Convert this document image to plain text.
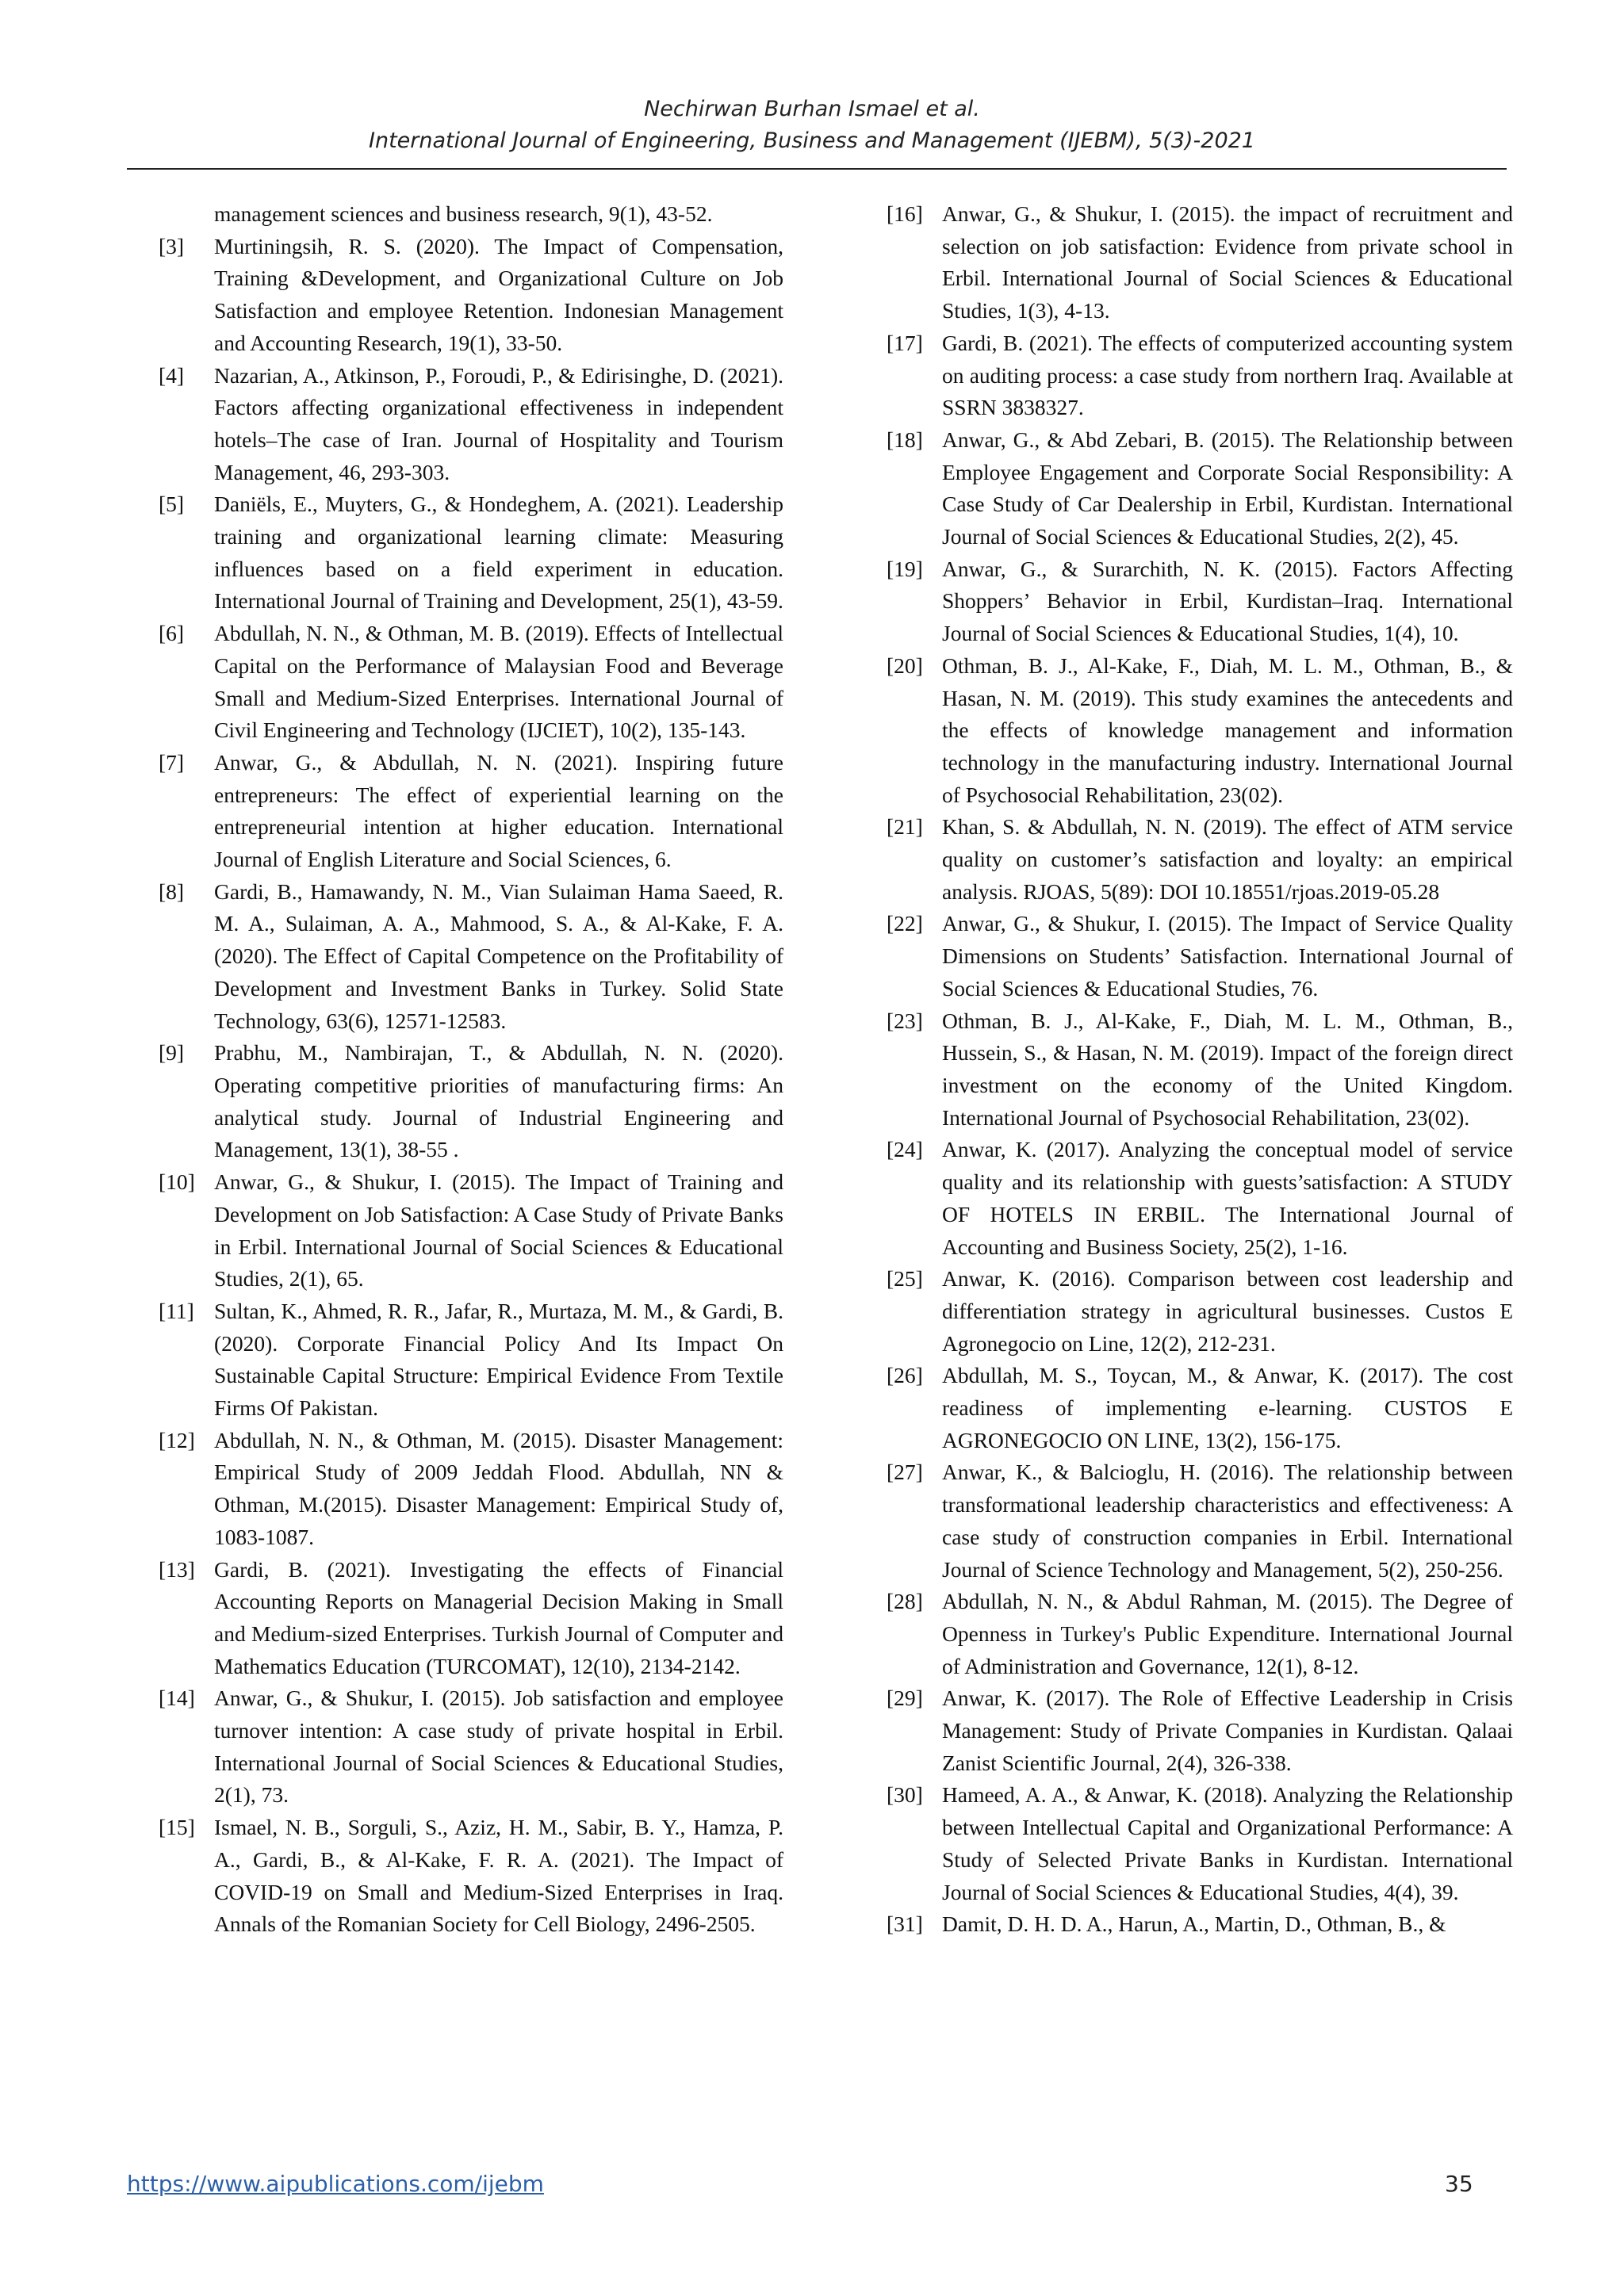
Nechirwan Burhan Ismael et al.
International Journal of Engineering, Business and Management (IJEBM), 5(3)-2021
management sciences and business research, 9(1), 43-52.
[3]	Murtiningsih, R. S. (2020). The Impact of Compensation, Training &Development, and Organizational Culture on Job Satisfaction and employee Retention. Indonesian Management and Accounting Research, 19(1), 33-50.
[4]	Nazarian, A., Atkinson, P., Foroudi, P., & Edirisinghe, D. (2021). Factors affecting organizational effectiveness in independent hotels–The case of Iran. Journal of Hospitality and Tourism Management, 46, 293-303.
[5]	Daniëls, E., Muyters, G., & Hondeghem, A. (2021). Leadership training and organizational learning climate: Measuring influences based on a field experiment in education. International Journal of Training and Development, 25(1), 43-59.
[6]	Abdullah, N. N., & Othman, M. B. (2019). Effects of Intellectual Capital on the Performance of Malaysian Food and Beverage Small and Medium-Sized Enterprises. International Journal of Civil Engineering and Technology (IJCIET), 10(2), 135-143.
[7]	Anwar, G., & Abdullah, N. N. (2021). Inspiring future entrepreneurs: The effect of experiential learning on the entrepreneurial intention at higher education. International Journal of English Literature and Social Sciences, 6.
[8]	Gardi, B., Hamawandy, N. M., Vian Sulaiman Hama Saeed, R. M. A., Sulaiman, A. A., Mahmood, S. A., & Al-Kake, F. A. (2020). The Effect of Capital Competence on the Profitability of Development and Investment Banks in Turkey. Solid State Technology, 63(6), 12571-12583.
[9]	Prabhu, M., Nambirajan, T., & Abdullah, N. N. (2020). Operating competitive priorities of manufacturing firms: An analytical study. Journal of Industrial Engineering and Management, 13(1), 38-55 .
[10] Anwar, G., & Shukur, I. (2015). The Impact of Training and Development on Job Satisfaction: A Case Study of Private Banks in Erbil. International Journal of Social Sciences & Educational Studies, 2(1), 65.
[11] Sultan, K., Ahmed, R. R., Jafar, R., Murtaza, M. M., & Gardi, B. (2020). Corporate Financial Policy And Its Impact On Sustainable Capital Structure: Empirical Evidence From Textile Firms Of Pakistan.
[12] Abdullah, N. N., & Othman, M. (2015). Disaster Management: Empirical Study of 2009 Jeddah Flood. Abdullah, NN & Othman, M.(2015). Disaster Management: Empirical Study of, 1083-1087.
[13] Gardi, B. (2021). Investigating the effects of Financial Accounting Reports on Managerial Decision Making in Small and Medium-sized Enterprises. Turkish Journal of Computer and Mathematics Education (TURCOMAT), 12(10), 2134-2142.
[14] Anwar, G., & Shukur, I. (2015). Job satisfaction and employee turnover intention: A case study of private hospital in Erbil. International Journal of Social Sciences & Educational Studies, 2(1), 73.
[15] Ismael, N. B., Sorguli, S., Aziz, H. M., Sabir, B. Y., Hamza, P. A., Gardi, B., & Al-Kake, F. R. A. (2021). The Impact of COVID-19 on Small and Medium-Sized Enterprises in Iraq. Annals of the Romanian Society for Cell Biology, 2496-2505.
[16] Anwar, G., & Shukur, I. (2015). the impact of recruitment and selection on job satisfaction: Evidence from private school in Erbil. International Journal of Social Sciences & Educational Studies, 1(3), 4-13.
[17] Gardi, B. (2021). The effects of computerized accounting system on auditing process: a case study from northern Iraq. Available at SSRN 3838327.
[18] Anwar, G., & Abd Zebari, B. (2015). The Relationship between Employee Engagement and Corporate Social Responsibility: A Case Study of Car Dealership in Erbil, Kurdistan. International Journal of Social Sciences & Educational Studies, 2(2), 45.
[19] Anwar, G., & Surarchith, N. K. (2015). Factors Affecting Shoppers’ Behavior in Erbil, Kurdistan–Iraq. International Journal of Social Sciences & Educational Studies, 1(4), 10.
[20] Othman, B. J., Al-Kake, F., Diah, M. L. M., Othman, B., & Hasan, N. M. (2019). This study examines the antecedents and the effects of knowledge management and information technology in the manufacturing industry. International Journal of Psychosocial Rehabilitation, 23(02).
[21] Khan, S. & Abdullah, N. N. (2019). The effect of ATM service quality on customer’s satisfaction and loyalty: an empirical analysis. RJOAS, 5(89): DOI 10.18551/rjoas.2019-05.28
[22] Anwar, G., & Shukur, I. (2015). The Impact of Service Quality Dimensions on Students’ Satisfaction. International Journal of Social Sciences & Educational Studies, 76.
[23] Othman, B. J., Al-Kake, F., Diah, M. L. M., Othman, B., Hussein, S., & Hasan, N. M. (2019). Impact of the foreign direct investment on the economy of the United Kingdom. International Journal of Psychosocial Rehabilitation, 23(02).
[24] Anwar, K. (2017). Analyzing the conceptual model of service quality and its relationship with guests’satisfaction: A STUDY OF HOTELS IN ERBIL. The International Journal of Accounting and Business Society, 25(2), 1-16.
[25] Anwar, K. (2016). Comparison between cost leadership and differentiation strategy in agricultural businesses. Custos E Agronegocio on Line, 12(2), 212-231.
[26] Abdullah, M. S., Toycan, M., & Anwar, K. (2017). The cost readiness of implementing e-learning. CUSTOS E AGRONEGOCIO ON LINE, 13(2), 156-175.
[27] Anwar, K., & Balcioglu, H. (2016). The relationship between transformational leadership characteristics and effectiveness: A case study of construction companies in Erbil. International Journal of Science Technology and Management, 5(2), 250-256.
[28] Abdullah, N. N., & Abdul Rahman, M. (2015). The Degree of Openness in Turkey's Public Expenditure. International Journal of Administration and Governance, 12(1), 8-12.
[29] Anwar, K. (2017). The Role of Effective Leadership in Crisis Management: Study of Private Companies in Kurdistan. Qalaai Zanist Scientific Journal, 2(4), 326-338.
[30] Hameed, A. A., & Anwar, K. (2018). Analyzing the Relationship between Intellectual Capital and Organizational Performance: A Study of Selected Private Banks in Kurdistan. International Journal of Social Sciences & Educational Studies, 4(4), 39.
[31] Damit, D. H. D. A., Harun, A., Martin, D., Othman, B., &
https://www.aipublications.com/ijebm	35
